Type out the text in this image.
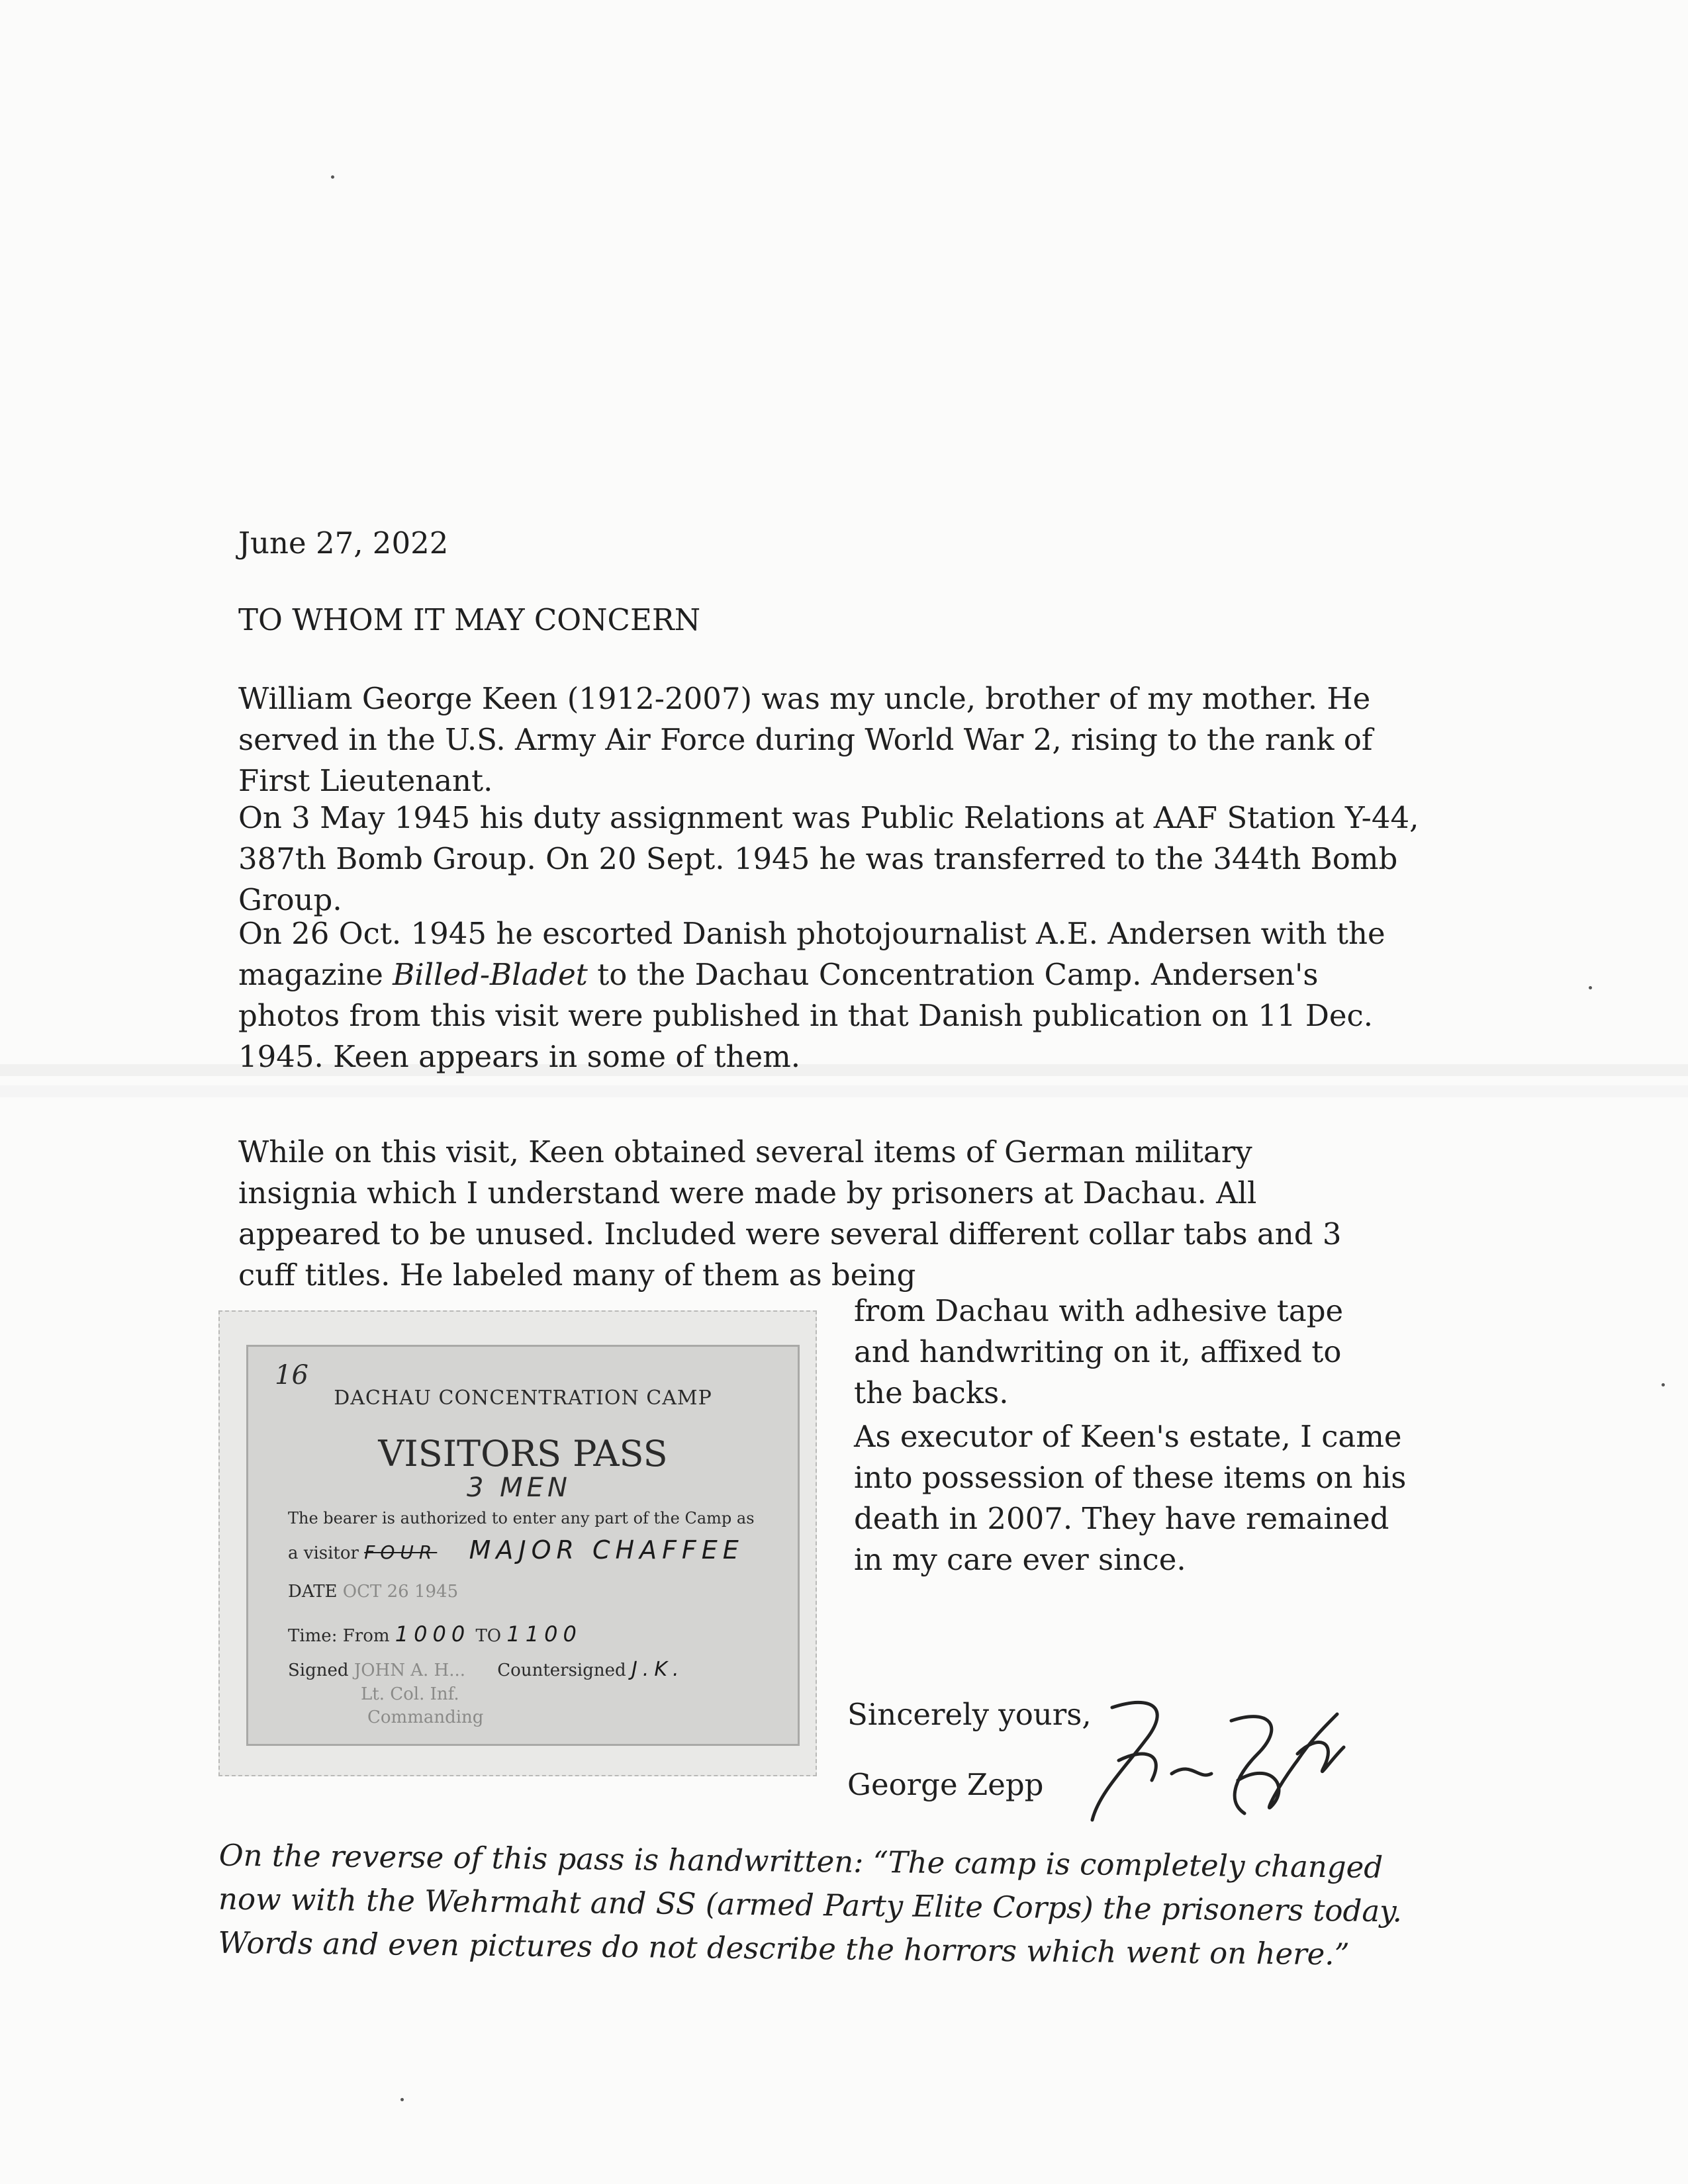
June 27, 2022

TO WHOM IT MAY CONCERN

William George Keen (1912-2007) was my uncle, brother of my mother. He served in the U.S. Army Air Force during World War 2, rising to the rank of First Lieutenant.

On 3 May 1945 his duty assignment was Public Relations at AAF Station Y-44, 387th Bomb Group. On 20 Sept. 1945 he was transferred to the 344th Bomb Group.

On 26 Oct. 1945 he escorted Danish photojournalist A.E. Andersen with the magazine Billed-Bladet to the Dachau Concentration Camp. Andersen's photos from this visit were published in that Danish publication on 11 Dec. 1945. Keen appears in some of them.

While on this visit, Keen obtained several items of German military insignia which I understand were made by prisoners at Dachau. All appeared to be unused. Included were several different collar tabs and 3 cuff titles. He labeled many of them as being

from Dachau with adhesive tape and handwriting on it, affixed to the backs.

As executor of Keen's estate, I came into possession of these items on his death in 2007. They have remained in my care ever since.

16
DACHAU CONCENTRATION CAMP
VISITORS PASS
3 MEN
The bearer is authorized to enter any part of the Camp as
a visitor FOUR MAJOR CHAFFEE
DATE OCT 26 1945
Time: From 1000 TO 1100
Signed JOHN A. H... Countersigned J.K.
Lt. Col. Inf.
Commanding	Sincerely yours,
George Zepp
On the reverse of this pass is handwritten: “The camp is completely changed now with the Wehrmaht and SS (armed Party Elite Corps) the prisoners today. Words and even pictures do not describe the horrors which went on here.”
